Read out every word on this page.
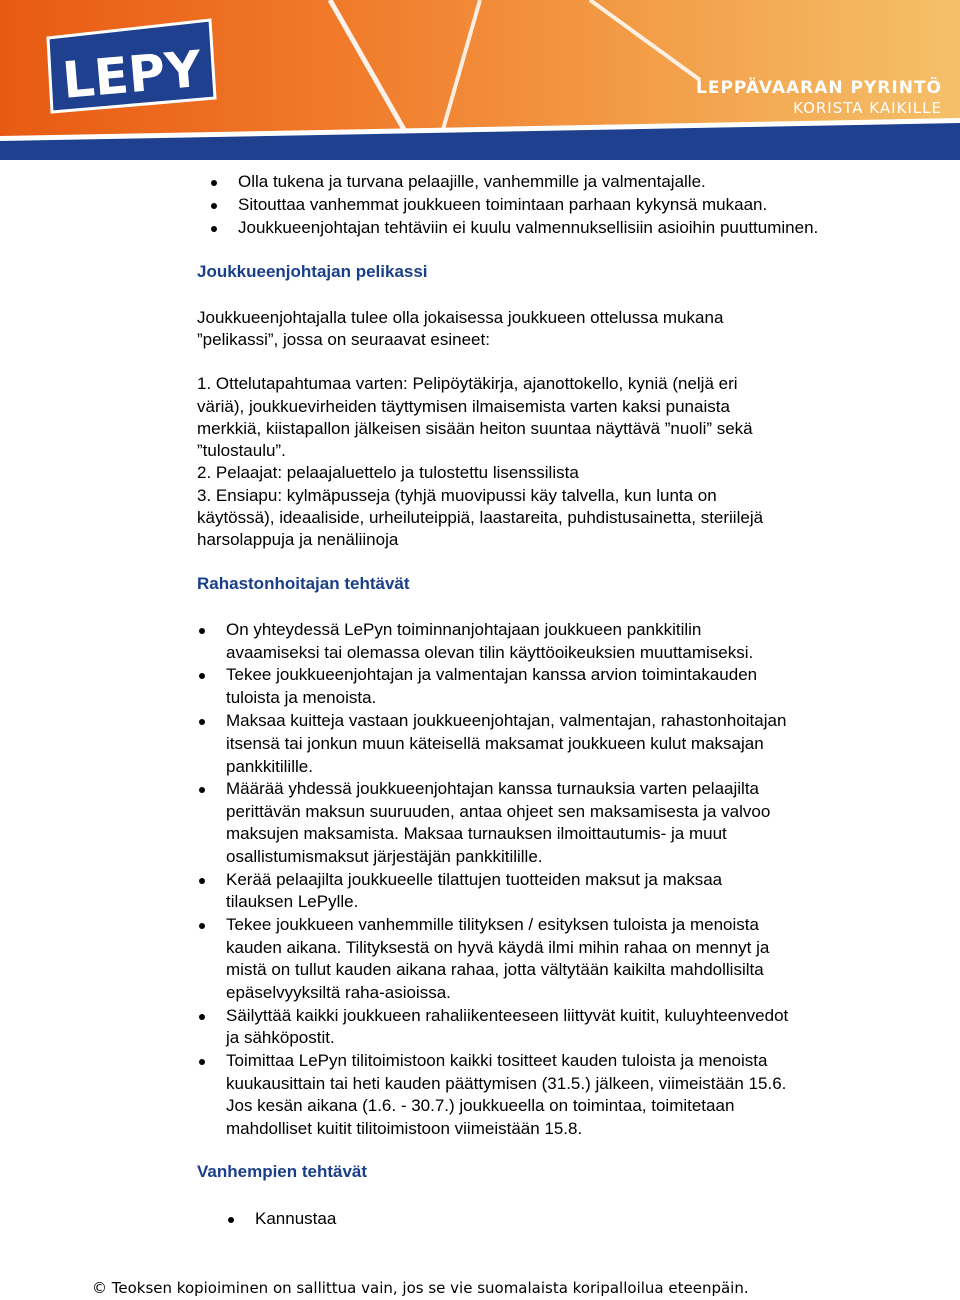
LEPY	LEPPÄVAARAN PYRINTÖ
KORISTA KAIKILLE
Olla tukena ja turvana pelaajille, vanhemmille ja valmentajalle.
Sitouttaa vanhemmat joukkueen toimintaan parhaan kykynsä mukaan.
Joukkueenjohtajan tehtäviin ei kuulu valmennuksellisiin asioihin puuttuminen.
Joukkueenjohtajan pelikassi
Joukkueenjohtajalla tulee olla jokaisessa joukkueen ottelussa mukana
”pelikassi”, jossa on seuraavat esineet:
1. Ottelutapahtumaa varten: Pelipöytäkirja, ajanottokello, kyniä (neljä eri
väriä), joukkuevirheiden täyttymisen ilmaisemista varten kaksi punaista
merkkiä, kiistapallon jälkeisen sisään heiton suuntaa näyttävä ”nuoli” sekä
”tulostaulu”.
2. Pelaajat: pelaajaluettelo ja tulostettu lisenssilista
3. Ensiapu: kylmäpusseja (tyhjä muovipussi käy talvella, kun lunta on
käytössä), ideaaliside, urheiluteippiä, laastareita, puhdistusainetta, steriilejä
harsolappuja ja nenäliinoja
Rahastonhoitajan tehtävät
On yhteydessä LePyn toiminnanjohtajaan joukkueen pankkitilin
avaamiseksi tai olemassa olevan tilin käyttöoikeuksien muuttamiseksi.
Tekee joukkueenjohtajan ja valmentajan kanssa arvion toimintakauden
tuloista ja menoista.
Maksaa kuitteja vastaan joukkueenjohtajan, valmentajan, rahastonhoitajan
itsensä tai jonkun muun käteisellä maksamat joukkueen kulut maksajan
pankkitilille.
Määrää yhdessä joukkueenjohtajan kanssa turnauksia varten pelaajilta
perittävän maksun suuruuden, antaa ohjeet sen maksamisesta ja valvoo
maksujen maksamista. Maksaa turnauksen ilmoittautumis- ja muut
osallistumismaksut järjestäjän pankkitilille.
Kerää pelaajilta joukkueelle tilattujen tuotteiden maksut ja maksaa
tilauksen LePylle.
Tekee joukkueen vanhemmille tilityksen / esityksen tuloista ja menoista
kauden aikana. Tilityksestä on hyvä käydä ilmi mihin rahaa on mennyt ja
mistä on tullut kauden aikana rahaa, jotta vältytään kaikilta mahdollisilta
epäselvyyksiltä raha-asioissa.
Säilyttää kaikki joukkueen rahaliikenteeseen liittyvät kuitit, kuluyhteenvedot
ja sähköpostit.
Toimittaa LePyn tilitoimistoon kaikki tositteet kauden tuloista ja menoista
kuukausittain tai heti kauden päättymisen (31.5.) jälkeen, viimeistään 15.6.
Jos kesän aikana (1.6. - 30.7.) joukkueella on toimintaa, toimitetaan
mahdolliset kuitit tilitoimistoon viimeistään 15.8.
Vanhempien tehtävät
Kannustaa
© Teoksen kopioiminen on sallittua vain, jos se vie suomalaista koripalloilua eteenpäin.
